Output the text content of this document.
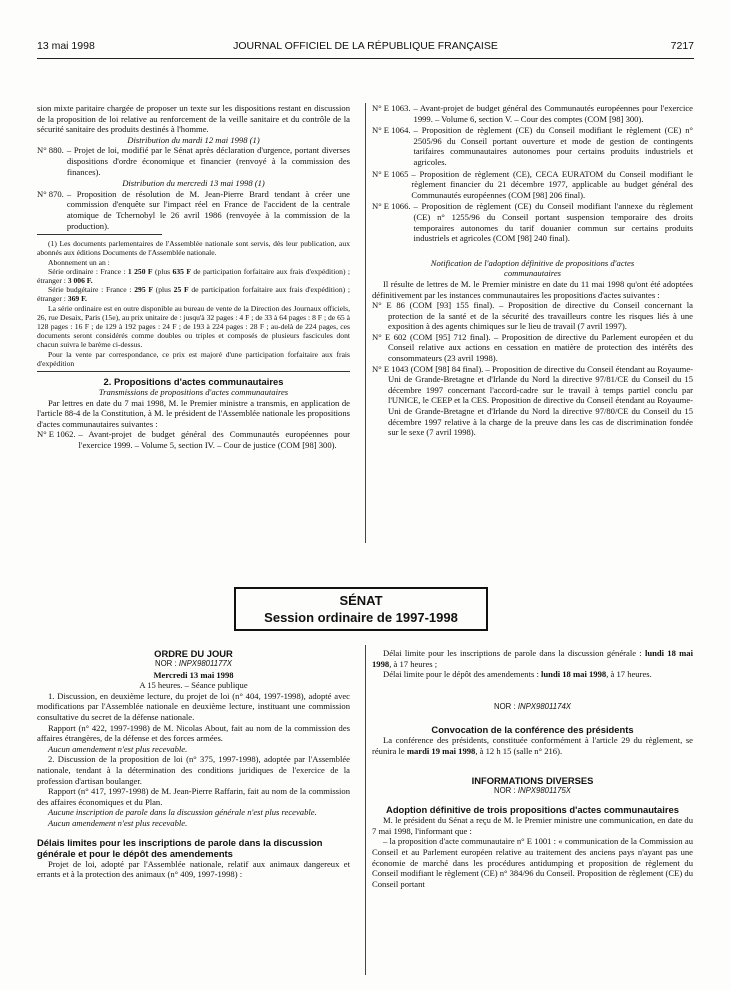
13 mai 1998	JOURNAL OFFICIEL DE LA RÉPUBLIQUE FRANÇAISE	7217

sion mixte paritaire chargée de proposer un texte sur les dispositions restant en discussion de la proposition de loi relative au renforcement de la veille sanitaire et du contrôle de la sécurité sanitaire des produits destinés à l'homme.

Distribution du mardi 12 mai 1998 (1)

N° 880. – Projet de loi, modifié par le Sénat après déclaration d'urgence, portant diverses dispositions d'ordre économique et financier (renvoyé à la commission des finances).

Distribution du mercredi 13 mai 1998 (1)

N° 870. – Proposition de résolution de M. Jean-Pierre Brard tendant à créer une commission d'enquête sur l'impact réel en France de l'accident de la centrale atomique de Tchernobyl le 26 avril 1986 (renvoyée à la commission de la production).

(1) Les documents parlementaires de l'Assemblée nationale sont servis, dès leur publication, aux abonnés aux éditions Documents de l'Assemblée nationale.

Abonnement un an :

Série ordinaire : France : 1 250 F (plus 635 F de participation forfaitaire aux frais d'expédition) ; étranger : 3 006 F.

Série budgétaire : France : 295 F (plus 25 F de participation forfaitaire aux frais d'expédition) ; étranger : 369 F.

La série ordinaire est en outre disponible au bureau de vente de la Direction des Journaux officiels, 26, rue Desaix, Paris (15e), au prix unitaire de : jusqu'à 32 pages : 4 F ; de 33 à 64 pages : 8 F ; de 65 à 128 pages : 16 F ; de 129 à 192 pages : 24 F ; de 193 à 224 pages : 28 F ; au-delà de 224 pages, ces documents seront considérés comme doubles ou triples et composés de plusieurs fascicules dont chacun suivra le barème ci-dessus.

Pour la vente par correspondance, ce prix est majoré d'une participation forfaitaire aux frais d'expédition

2. Propositions d'actes communautaires

Transmissions de propositions d'actes communautaires

Par lettres en date du 7 mai 1998, M. le Premier ministre a transmis, en application de l'article 88-4 de la Constitution, à M. le président de l'Assemblée nationale les propositions d'actes communautaires suivantes :

N° E 1062. – Avant-projet de budget général des Communautés européennes pour l'exercice 1999. – Volume 5, section IV. – Cour de justice (COM [98] 300).
N° E 1063. – Avant-projet de budget général des Communautés européennes pour l'exercice 1999. – Volume 6, section V. – Cour des comptes (COM [98] 300).
N° E 1064. – Proposition de règlement (CE) du Conseil modifiant le règlement (CE) n° 2505/96 du Conseil portant ouverture et mode de gestion de contingents tarifaires communautaires autonomes pour certains produits industriels et agricoles.
N° E 1065 – Proposition de règlement (CE), CECA EURATOM du Conseil modifiant le règlement financier du 21 décembre 1977, applicable au budget général des Communautés européennes (COM [98] 206 final).
N° E 1066. – Proposition de règlement (CE) du Conseil modifiant l'annexe du règlement (CE) n° 1255/96 du Conseil portant suspension temporaire des droits temporaires autonomes du tarif douanier commun sur certains produits industriels et agricoles (COM [98] 240 final).

Notification de l'adoption définitive de propositions d'actes communautaires

Il résulte de lettres de M. le Premier ministre en date du 11 mai 1998 qu'ont été adoptées définitivement par les instances communautaires les propositions d'actes suivantes :

N° E 86 (COM [93] 155 final). – Proposition de directive du Conseil concernant la protection de la santé et de la sécurité des travailleurs contre les risques liés à une exposition à des agents chimiques sur le lieu de travail (7 avril 1997).

N° E 602 (COM [95] 712 final). – Proposition de directive du Parlement européen et du Conseil relative aux actions en cessation en matière de protection des intérêts des consommateurs (23 avril 1998).

N° E 1043 (COM [98] 84 final). – Proposition de directive du Conseil étendant au Royaume-Uni de Grande-Bretagne et d'Irlande du Nord la directive 97/81/CE du Conseil du 15 décembre 1997 concernant l'accord-cadre sur le travail à temps partiel conclu par l'UNICE, le CEEP et la CES. Proposition de directive du Conseil étendant au Royaume-Uni de Grande-Bretagne et d'Irlande du Nord la directive 97/80/CE du Conseil du 15 décembre 1997 relative à la charge de la preuve dans les cas de discrimination fondée sur le sexe (7 avril 1998).

SÉNAT
Session ordinaire de 1997-1998

ORDRE DU JOUR

NOR : INPX9801177X

Mercredi 13 mai 1998

A 15 heures. – Séance publique

1. Discussion, en deuxième lecture, du projet de loi (n° 404, 1997-1998), adopté avec modifications par l'Assemblée nationale en deuxième lecture, instituant une commission consultative du secret de la défense nationale.

Rapport (n° 422, 1997-1998) de M. Nicolas About, fait au nom de la commission des affaires étrangères, de la défense et des forces armées.

Aucun amendement n'est plus recevable.

2. Discussion de la proposition de loi (n° 375, 1997-1998), adoptée par l'Assemblée nationale, tendant à la détermination des conditions juridiques de l'exercice de la profession d'artisan boulanger.

Rapport (n° 417, 1997-1998) de M. Jean-Pierre Raffarin, fait au nom de la commission des affaires économiques et du Plan.

Aucune inscription de parole dans la discussion générale n'est plus recevable.

Aucun amendement n'est plus recevable.

Délais limites pour les inscriptions de parole dans la discussion générale et pour le dépôt des amendements

Projet de loi, adopté par l'Assemblée nationale, relatif aux animaux dangereux et errants et à la protection des animaux (n° 409, 1997-1998) :

Délai limite pour les inscriptions de parole dans la discussion générale : lundi 18 mai 1998, à 17 heures ;

Délai limite pour le dépôt des amendements : lundi 18 mai 1998, à 17 heures.

NOR : INPX9801174X

Convocation de la conférence des présidents

La conférence des présidents, constituée conformément à l'article 29 du règlement, se réunira le mardi 19 mai 1998, à 12 h 15 (salle n° 216).

INFORMATIONS DIVERSES

NOR : INPX9801175X

Adoption définitive de trois propositions d'actes communautaires

M. le président du Sénat a reçu de M. le Premier ministre une communication, en date du 7 mai 1998, l'informant que :

– la proposition d'acte communautaire n° E 1001 : « communication de la Commission au Conseil et au Parlement européen relative au traitement des anciens pays n'ayant pas une économie de marché dans les procédures antidumping et proposition de règlement du Conseil modifiant le règlement (CE) n° 384/96 du Conseil. Proposition de règlement (CE) du Conseil portant
